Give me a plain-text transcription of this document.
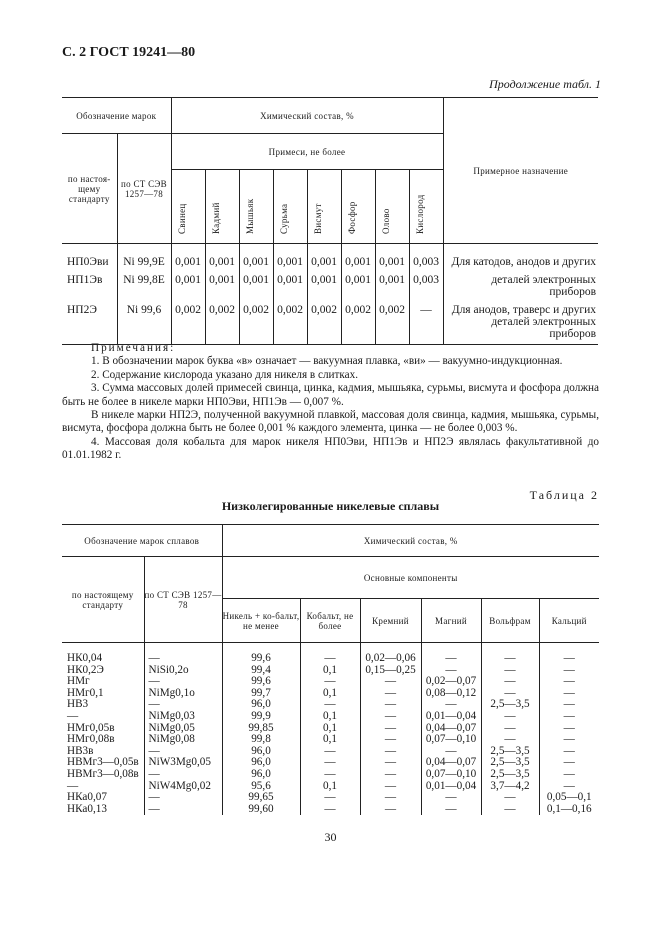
С. 2 ГОСТ 19241—80
Продолжение табл. 1
Обозначение марок		Химический состав, %								Примерное назначение
по настоя-щему стандарту	по СТ СЭВ 1257—78	Примеси, не более								

		Свинец	Кадмий	Мышьяк	Сурьма	Висмут	Фосфор	Олово	Кислород	

НП0Эви	Ni 99,9E	0,001	0,001	0,001	0,001	0,001	0,001	0,001	0,003	Для катодов, анодов и других
НП1Эв	Ni 99,8E	0,001	0,001	0,001	0,001	0,001	0,001	0,001	0,003	деталей электронных приборов
НП2Э	Ni 99,6	0,002	0,002	0,002	0,002	0,002	0,002	0,002	—	Для анодов, траверс и других
										деталей электронных приборов

Примечания:

1. В обозначении марок буква «в» означает — вакуумная плавка, «ви» — вакуумно-индукционная.

2. Содержание кислорода указано для никеля в слитках.

3. Сумма массовых долей примесей свинца, цинка, кадмия, мышьяка, сурьмы, висмута и фосфора должна быть не более в никеле марки НП0Эви, НП1Эв — 0,007 %.

В никеле марки НП2Э, полученной вакуумной плавкой, массовая доля свинца, кадмия, мышьяка, сурьмы, висмута, фосфора должна быть не более 0,001 % каждого элемента, цинка — не более 0,003 %.

4. Массовая доля кобальта для марок никеля НП0Эви, НП1Эв и НП2Э являлась факультативной до 01.01.1982 г.

Таблица 2
Низколегированные никелевые сплавы
Обозначение марок сплавов		Химический состав, %					
по настоящему стандарту	по СТ СЭВ 1257—78	Основные компоненты					
		Никель + ко-бальт, не менее	Кобальт, не более	Кремний	Магний	Вольфрам	Кальций
НК0,04	—	99,6	—	0,02—0,06	—	—	—
НК0,2Э	NiSi0,2o	99,4	0,1	0,15—0,25	—	—	—
НМг	—	99,6	—	—	0,02—0,07	—	—
НМг0,1	NiMg0,1o	99,7	0,1	—	0,08—0,12	—	—
НВ3	—	96,0	—	—	—	2,5—3,5	—
—	NiMg0,03	99,9	0,1	—	0,01—0,04	—	—
НМг0,05в	NiMg0,05	99,85	0,1	—	0,04—0,07	—	—
НМг0,08в	NiMg0,08	99,8	0,1	—	0,07—0,10	—	—
НВ3в	—	96,0	—	—	—	2,5—3,5	—
НВМг3—0,05в	NiW3Mg0,05	96,0	—	—	0,04—0,07	2,5—3,5	—
НВМг3—0,08в	—	96,0	—	—	0,07—0,10	2,5—3,5	—
—	NiW4Mg0,02	95,6	0,1	—	0,01—0,04	3,7—4,2	—
НКа0,07	—	99,65	—	—	—	—	0,05—0,1
НКа0,13	—	99,60	—	—	—	—	0,1—0,16
30
